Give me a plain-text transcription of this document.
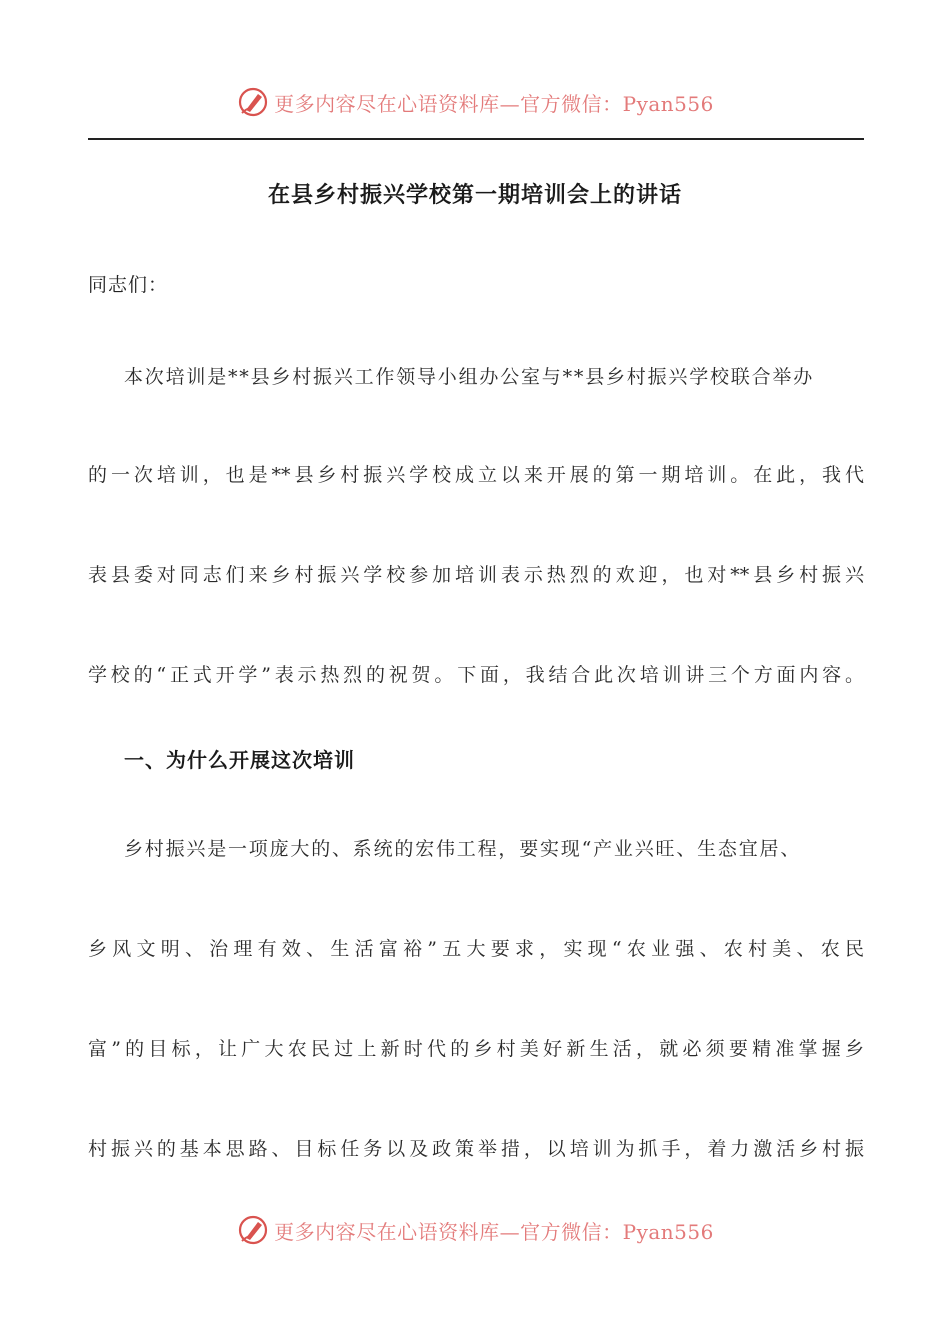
更多内容尽在心语资料库—官方微信：Pyan556
在县乡村振兴学校第一期培训会上的讲话
同志们：
本次培训是**县乡村振兴工作领导小组办公室与**县乡村振兴学校联合举办
的一次培训，也是**县乡村振兴学校成立以来开展的第一期培训。在此，我代
表县委对同志们来乡村振兴学校参加培训表示热烈的欢迎，也对**县乡村振兴
学校的“正式开学”表示热烈的祝贺。下面，我结合此次培训讲三个方面内容。
一、为什么开展这次培训
乡村振兴是一项庞大的、系统的宏伟工程，要实现“产业兴旺、生态宜居、
乡风文明、治理有效、生活富裕”五大要求，实现“农业强、农村美、农民
富”的目标，让广大农民过上新时代的乡村美好新生活，就必须要精准掌握乡
村振兴的基本思路、目标任务以及政策举措，以培训为抓手，着力激活乡村振
更多内容尽在心语资料库—官方微信：Pyan556
